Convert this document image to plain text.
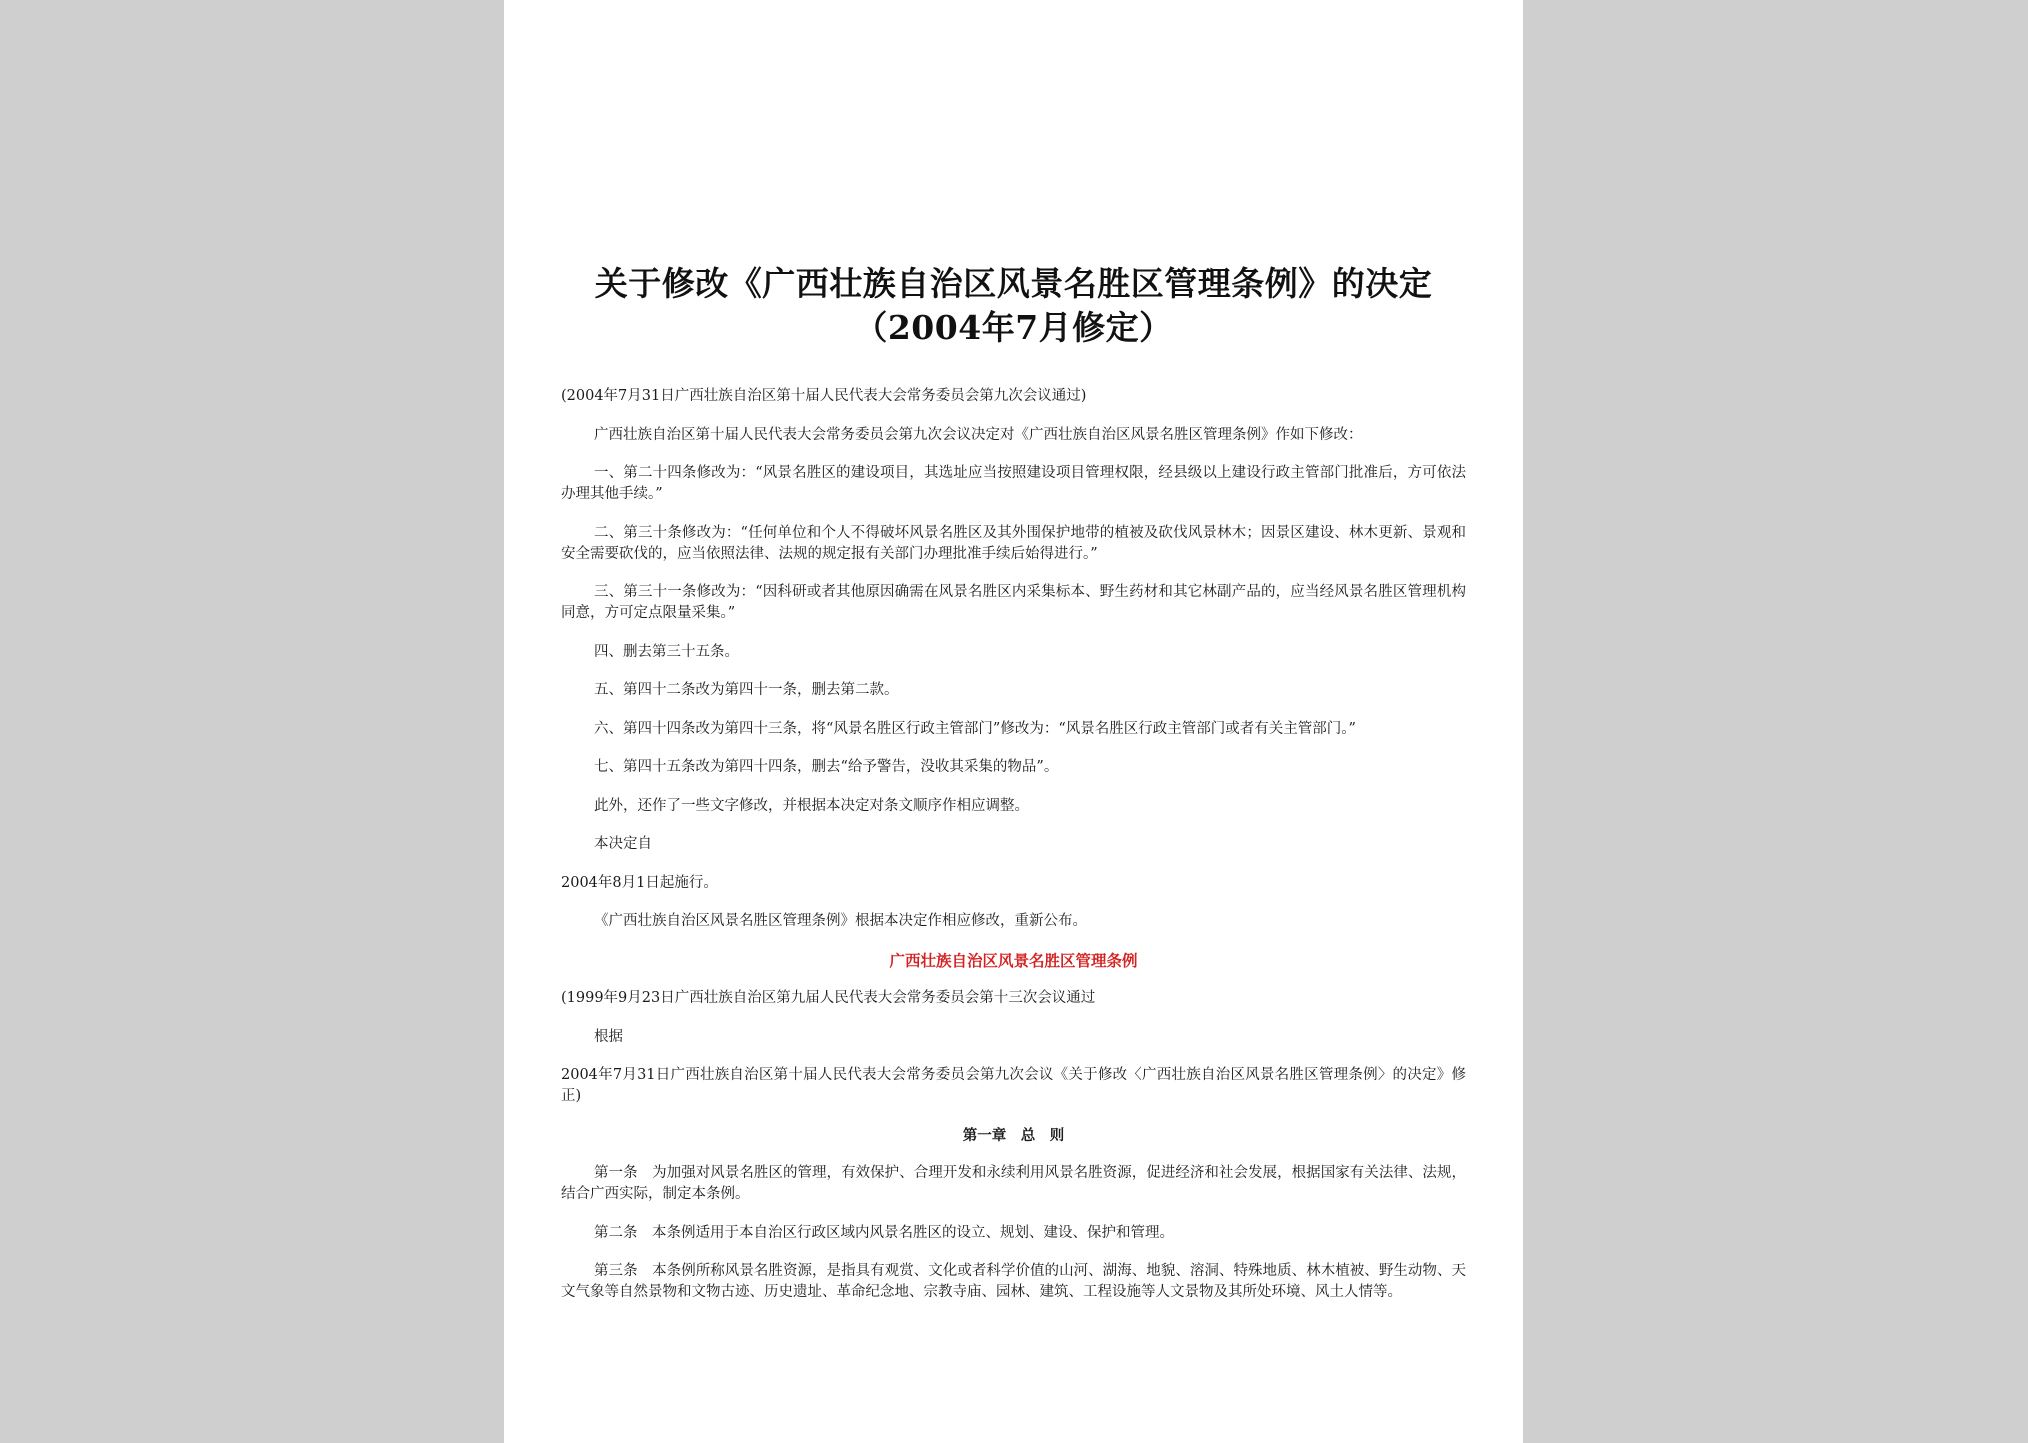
关于修改《广西壮族自治区风景名胜区管理条例》的决定（2004年7月修定）

(2004年7月31日广西壮族自治区第十届人民代表大会常务委员会第九次会议通过)

广西壮族自治区第十届人民代表大会常务委员会第九次会议决定对《广西壮族自治区风景名胜区管理条例》作如下修改：

一、第二十四条修改为：“风景名胜区的建设项目，其选址应当按照建设项目管理权限，经县级以上建设行政主管部门批准后，方可依法办理其他手续。”

二、第三十条修改为：“任何单位和个人不得破坏风景名胜区及其外围保护地带的植被及砍伐风景林木；因景区建设、林木更新、景观和安全需要砍伐的，应当依照法律、法规的规定报有关部门办理批准手续后始得进行。”

三、第三十一条修改为：“因科研或者其他原因确需在风景名胜区内采集标本、野生药材和其它林副产品的，应当经风景名胜区管理机构同意，方可定点限量采集。”

四、删去第三十五条。

五、第四十二条改为第四十一条，删去第二款。

六、第四十四条改为第四十三条，将“风景名胜区行政主管部门”修改为：“风景名胜区行政主管部门或者有关主管部门。”

七、第四十五条改为第四十四条，删去“给予警告，没收其采集的物品”。

此外，还作了一些文字修改，并根据本决定对条文顺序作相应调整。

本决定自

2004年8月1日起施行。

《广西壮族自治区风景名胜区管理条例》根据本决定作相应修改，重新公布。

广西壮族自治区风景名胜区管理条例

(1999年9月23日广西壮族自治区第九届人民代表大会常务委员会第十三次会议通过

根据

2004年7月31日广西壮族自治区第十届人民代表大会常务委员会第九次会议《关于修改〈广西壮族自治区风景名胜区管理条例〉的决定》修正)

第一章　总　则

第一条　为加强对风景名胜区的管理，有效保护、合理开发和永续利用风景名胜资源，促进经济和社会发展，根据国家有关法律、法规，结合广西实际，制定本条例。

第二条　本条例适用于本自治区行政区域内风景名胜区的设立、规划、建设、保护和管理。

第三条　本条例所称风景名胜资源，是指具有观赏、文化或者科学价值的山河、湖海、地貌、溶洞、特殊地质、林木植被、野生动物、天文气象等自然景物和文物古迹、历史遗址、革命纪念地、宗教寺庙、园林、建筑、工程设施等人文景物及其所处环境、风土人情等。
